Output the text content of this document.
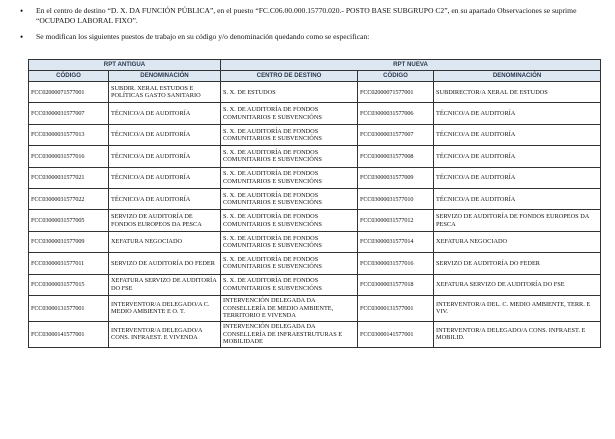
• En el centro de destino “D. X. DA FUNCIÓN PÚBLICA”, en el puesto “FC.C06.00.000.15770.020.- POSTO BASE SUBGRUPO C2”, en su apartado Observaciones se suprime “OCUPADO LABORAL FIXO”.
• Se modifican los siguientes puestos de trabajo en su código y/o denominación quedando como se especifican:
RPT ANTIGUA		RPT NUEVA		
CÓDIGO	DENOMINACIÓN	CENTRO DE DESTINO	CÓDIGO	DENOMINACIÓN
FCC02000071577001	SUBDIR. XERAL ESTUDOS E POLÍTICAS GASTO SANITARIO	S. X. DE ESTUDOS	FCC02000071577001	SUBDIRECTOR/A XERAL DE ESTUDOS
FCC03000031577007	TÉCNICO/A DE AUDITORÍA	S. X. DE AUDITORÍA DE FONDOS COMUNITARIOS E SUBVENCIÓNS	FCC03000031577006	TÉCNICO/A DE AUDITORÍA
FCC03000031577013	TÉCNICO/A DE AUDITORÍA	S. X. DE AUDITORÍA DE FONDOS COMUNITARIOS E SUBVENCIÓNS	FCC03000031577007	TÉCNICO/A DE AUDITORÍA
FCC03000031577016	TÉCNICO/A DE AUDITORÍA	S. X. DE AUDITORÍA DE FONDOS COMUNITARIOS E SUBVENCIÓNS	FCC03000031577008	TÉCNICO/A DE AUDITORÍA
FCC03000031577021	TÉCNICO/A DE AUDITORÍA	S. X. DE AUDITORÍA DE FONDOS COMUNITARIOS E SUBVENCIÓNS	FCC03000031577009	TÉCNICO/A DE AUDITORÍA
FCC03000031577022	TÉCNICO/A DE AUDITORÍA	S. X. DE AUDITORÍA DE FONDOS COMUNITARIOS E SUBVENCIÓNS	FCC03000031577010	TÉCNICO/A DE AUDITORÍA
FCC03000031577005	SERVIZO DE AUDITORÍA DE FONDOS EUROPEOS DA PESCA	S. X. DE AUDITORÍA DE FONDOS COMUNITARIOS E SUBVENCIÓNS	FCC03000031577012	SERVIZO DE AUDITORÍA DE FONDOS EUROPEOS DA PESCA
FCC03000031577009	XEFATURA NEGOCIADO	S. X. DE AUDITORÍA DE FONDOS COMUNITARIOS E SUBVENCIÓNS	FCC03000031577014	XEFATURA NEGOCIADO
FCC03000031577011	SERVIZO DE AUDITORÍA DO FEDER	S. X. DE AUDITORÍA DE FONDOS COMUNITARIOS E SUBVENCIÓNS	FCC03000031577016	SERVIZO DE AUDITORÍA DO FEDER
FCC03000031577015	XEFATURA SERVIZO DE AUDITORÍA DO FSE	S. X. DE AUDITORÍA DE FONDOS COMUNITARIOS E SUBVENCIÓNS	FCC03000031577018	XEFATURA SERVIZO DE AUDITORÍA DO FSE
FCC03000131577001	INTERVENTOR/A DELEGADO/A C. MEDIO AMBIENTE E O. T.	INTERVENCIÓN DELEGADA DA CONSELLERÍA DE MEDIO AMBIENTE, TERRITORIO E VIVENDA	FCC03000131577001	INTERVENTOR/A DEL. C. MEDIO AMBIENTE, TERR. E VIV.
FCC03000141577001	INTERVENTOR/A DELEGADO/A CONS. INFRAEST. E VIVENDA	INTERVENCIÓN DELEGADA DA CONSELLERÍA DE INFRAESTRUTURAS E MOBILIDADE	FCC03000141577001	INTERVENTOR/A DELEGADO/A CONS. INFRAEST. E MOBILID.
